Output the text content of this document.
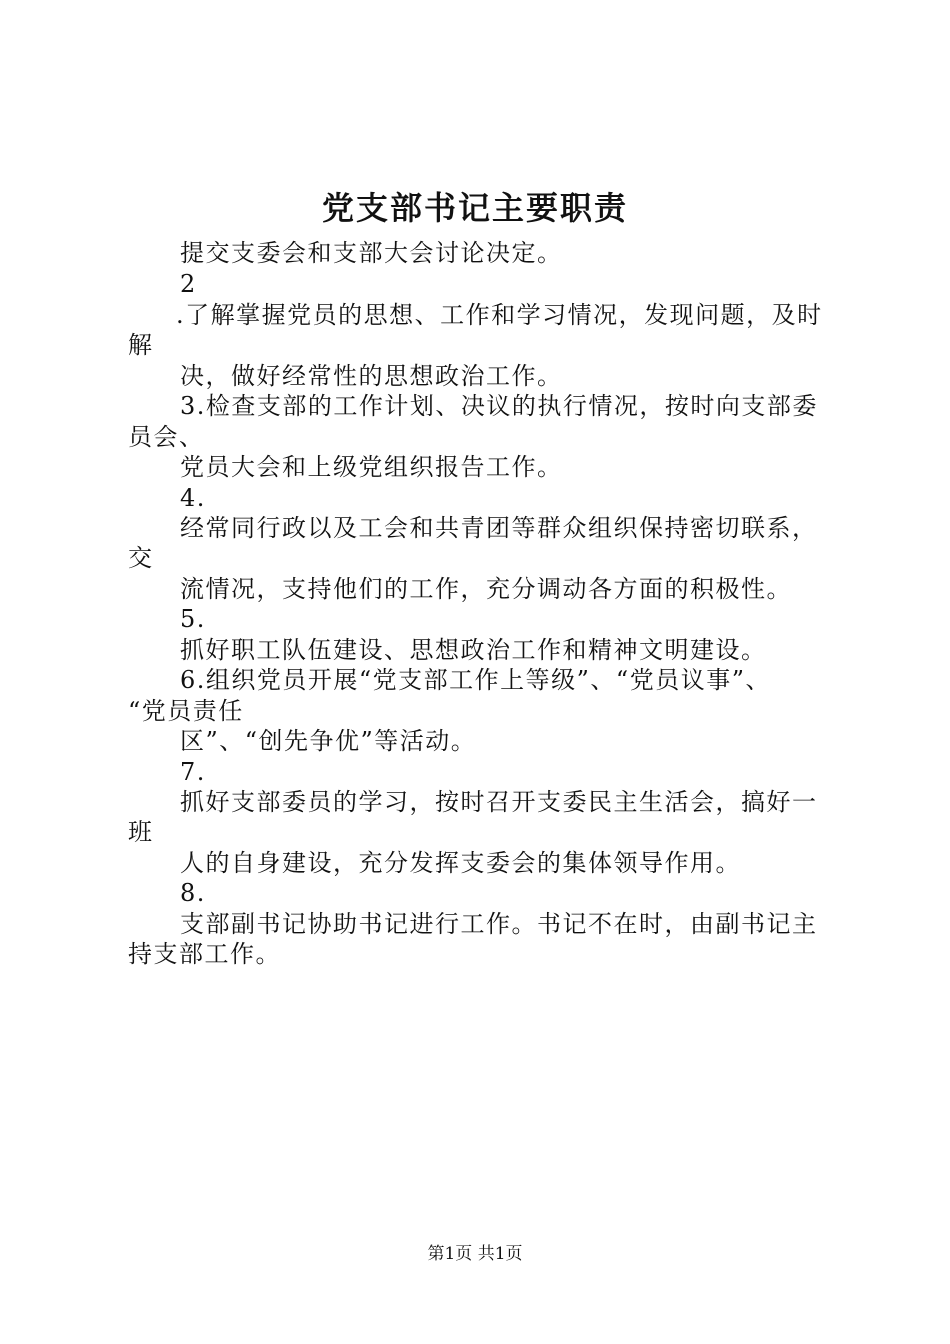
党支部书记主要职责
提交支委会和支部大会讨论决定。
2
.了解掌握党员的思想、工作和学习情况，发现问题，及时
解
决，做好经常性的思想政治工作。
3.检查支部的工作计划、决议的执行情况，按时向支部委
员会、
党员大会和上级党组织报告工作。
4.
经常同行政以及工会和共青团等群众组织保持密切联系，
交
流情况，支持他们的工作，充分调动各方面的积极性。
5.
抓好职工队伍建设、思想政治工作和精神文明建设。
6.组织党员开展“党支部工作上等级”、“党员议事”、
“党员责任
区”、“创先争优”等活动。
7.
抓好支部委员的学习，按时召开支委民主生活会，搞好一
班
人的自身建设，充分发挥支委会的集体领导作用。
8.
支部副书记协助书记进行工作。书记不在时，由副书记主
持支部工作。
第1页 共1页
